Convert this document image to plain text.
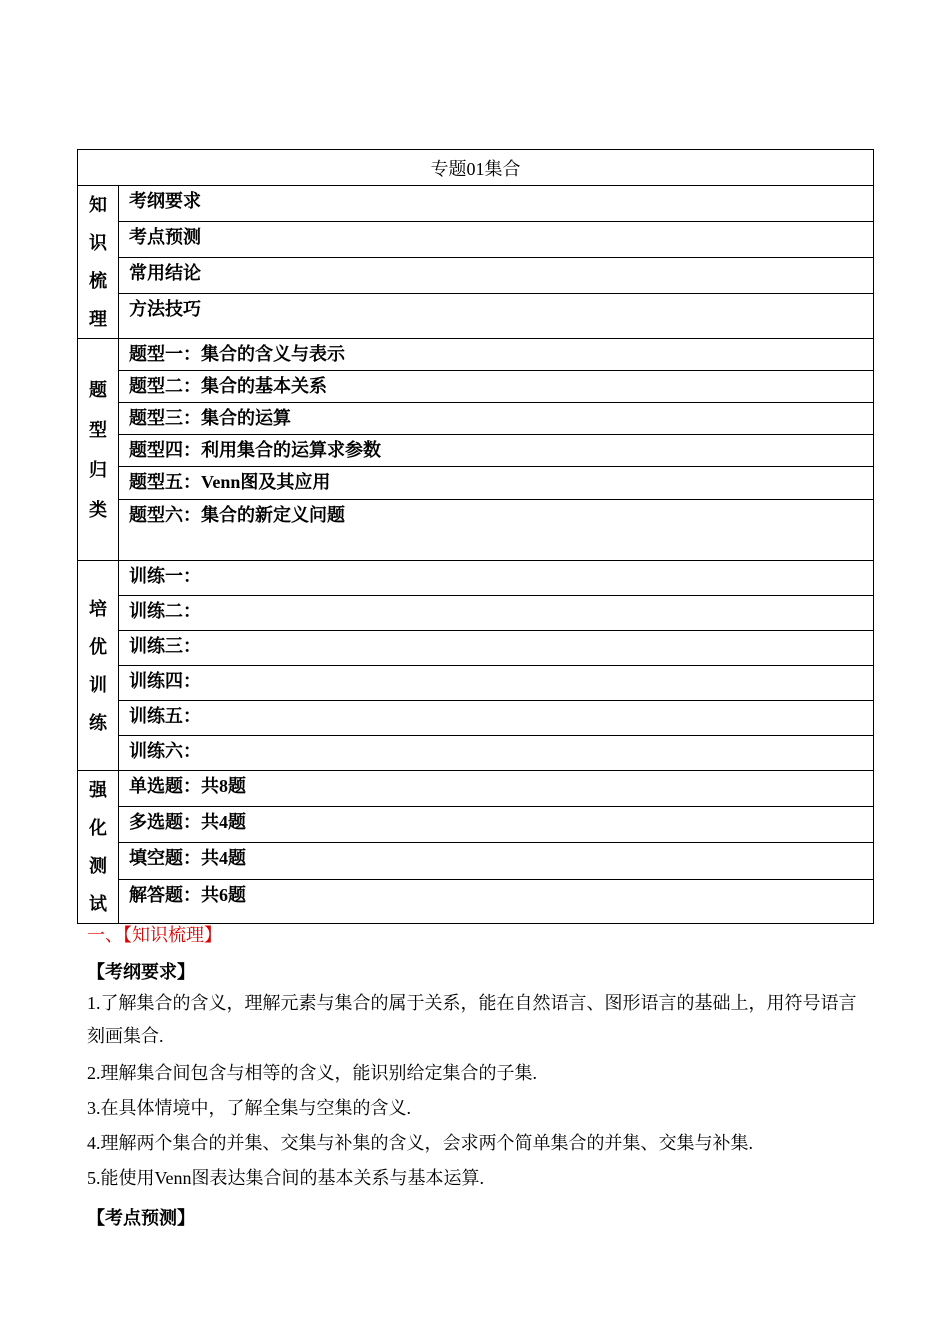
专题01集合	
知识梳理	考纲要求
	考点预测
	常用结论
	方法技巧
题型归类	题型一：集合的含义与表示
	题型二：集合的基本关系
	题型三：集合的运算
	题型四：利用集合的运算求参数
	题型五：Venn图及其应用
	题型六：集合的新定义问题
培优训练	训练一：
	训练二：
	训练三：
	训练四：
	训练五：
	训练六：
强化测试	单选题：共8题
	多选题：共4题
	填空题：共4题
	解答题：共6题
一、【知识梳理】
【考纲要求】
1.了解集合的含义，理解元素与集合的属于关系，能在自然语言、图形语言的基础上，用符号语言刻画集合.
2.理解集合间包含与相等的含义，能识别给定集合的子集.
3.在具体情境中，了解全集与空集的含义.
4.理解两个集合的并集、交集与补集的含义，会求两个简单集合的并集、交集与补集.
5.能使用Venn图表达集合间的基本关系与基本运算.
【考点预测】
